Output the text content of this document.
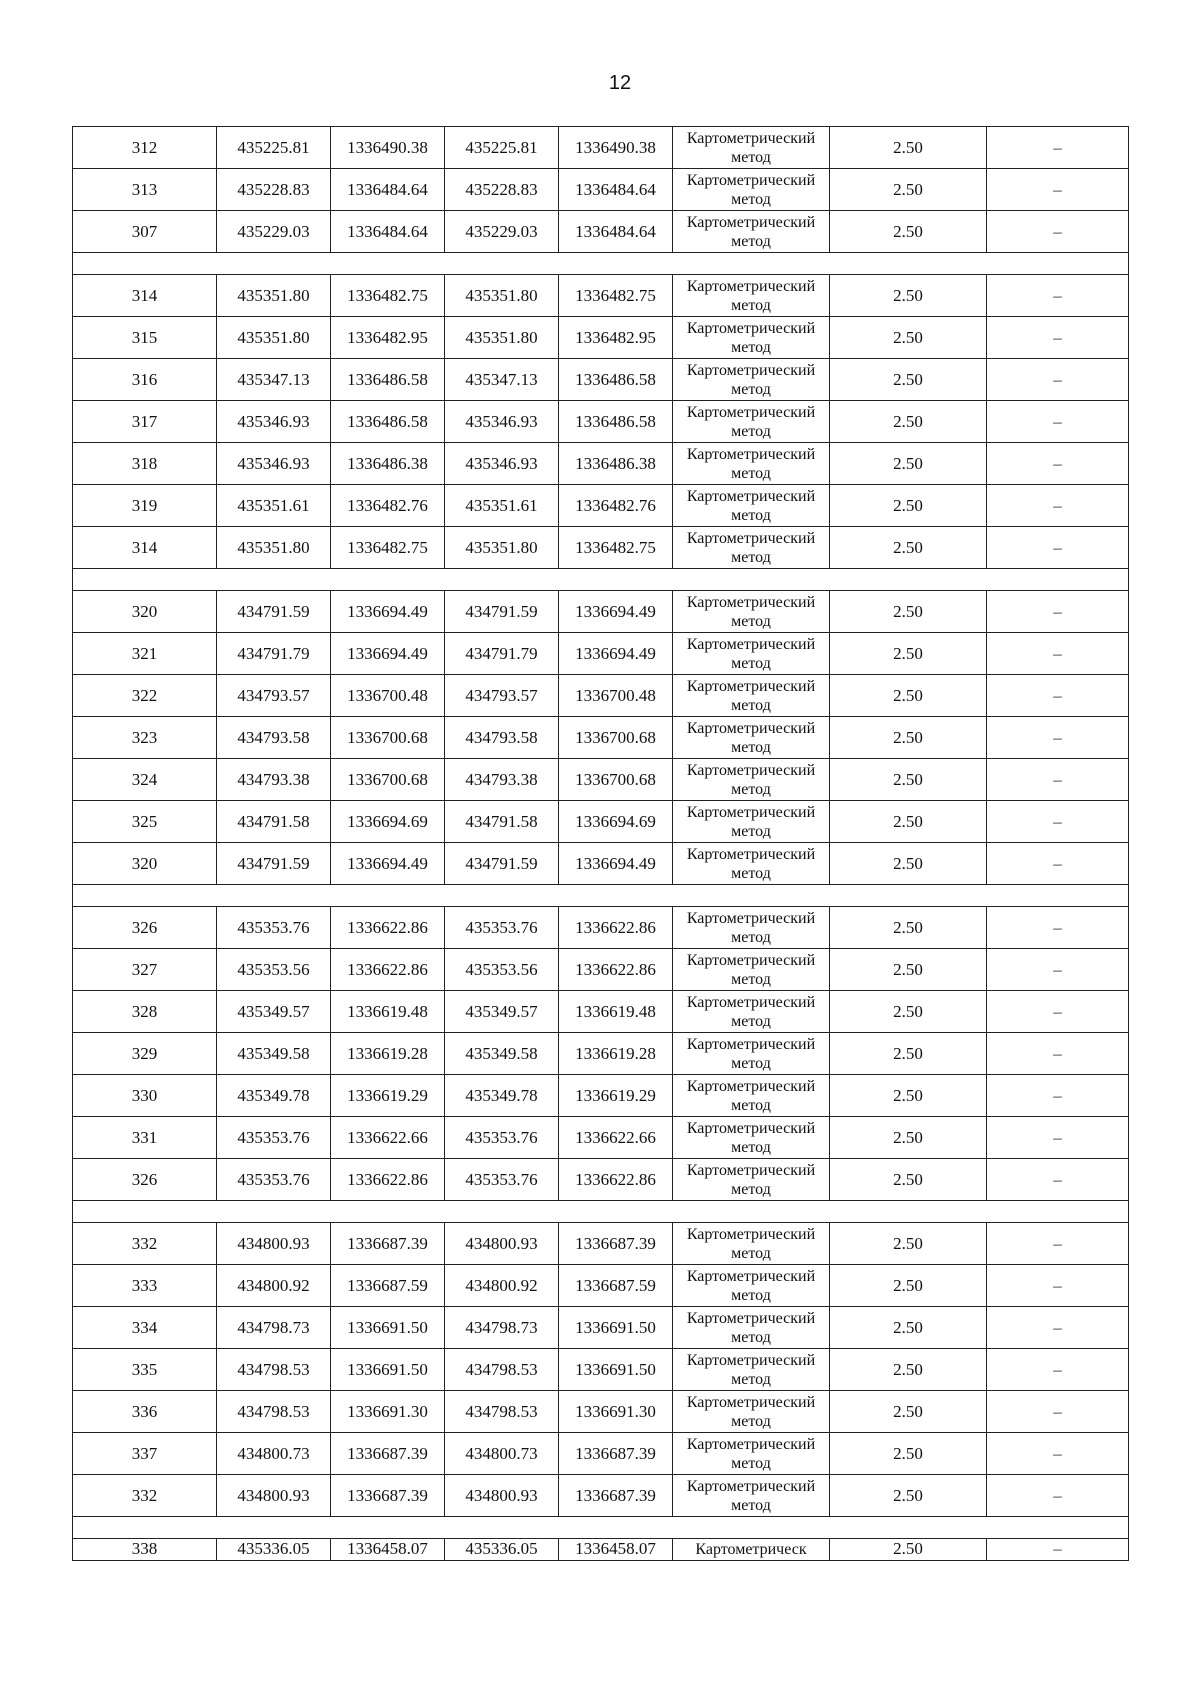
12
312	435225.81	1336490.38	435225.81	1336490.38	Картометрический метод	2.50	–
313	435228.83	1336484.64	435228.83	1336484.64	Картометрический метод	2.50	–
307	435229.03	1336484.64	435229.03	1336484.64	Картометрический метод	2.50	–

314	435351.80	1336482.75	435351.80	1336482.75	Картометрический метод	2.50	–
315	435351.80	1336482.95	435351.80	1336482.95	Картометрический метод	2.50	–
316	435347.13	1336486.58	435347.13	1336486.58	Картометрический метод	2.50	–
317	435346.93	1336486.58	435346.93	1336486.58	Картометрический метод	2.50	–
318	435346.93	1336486.38	435346.93	1336486.38	Картометрический метод	2.50	–
319	435351.61	1336482.76	435351.61	1336482.76	Картометрический метод	2.50	–
314	435351.80	1336482.75	435351.80	1336482.75	Картометрический метод	2.50	–

320	434791.59	1336694.49	434791.59	1336694.49	Картометрический метод	2.50	–
321	434791.79	1336694.49	434791.79	1336694.49	Картометрический метод	2.50	–
322	434793.57	1336700.48	434793.57	1336700.48	Картометрический метод	2.50	–
323	434793.58	1336700.68	434793.58	1336700.68	Картометрический метод	2.50	–
324	434793.38	1336700.68	434793.38	1336700.68	Картометрический метод	2.50	–
325	434791.58	1336694.69	434791.58	1336694.69	Картометрический метод	2.50	–
320	434791.59	1336694.49	434791.59	1336694.49	Картометрический метод	2.50	–

326	435353.76	1336622.86	435353.76	1336622.86	Картометрический метод	2.50	–
327	435353.56	1336622.86	435353.56	1336622.86	Картометрический метод	2.50	–
328	435349.57	1336619.48	435349.57	1336619.48	Картометрический метод	2.50	–
329	435349.58	1336619.28	435349.58	1336619.28	Картометрический метод	2.50	–
330	435349.78	1336619.29	435349.78	1336619.29	Картометрический метод	2.50	–
331	435353.76	1336622.66	435353.76	1336622.66	Картометрический метод	2.50	–
326	435353.76	1336622.86	435353.76	1336622.86	Картометрический метод	2.50	–

332	434800.93	1336687.39	434800.93	1336687.39	Картометрический метод	2.50	–
333	434800.92	1336687.59	434800.92	1336687.59	Картометрический метод	2.50	–
334	434798.73	1336691.50	434798.73	1336691.50	Картометрический метод	2.50	–
335	434798.53	1336691.50	434798.53	1336691.50	Картометрический метод	2.50	–
336	434798.53	1336691.30	434798.53	1336691.30	Картометрический метод	2.50	–
337	434800.73	1336687.39	434800.73	1336687.39	Картометрический метод	2.50	–
332	434800.93	1336687.39	434800.93	1336687.39	Картометрический метод	2.50	–

338	435336.05	1336458.07	435336.05	1336458.07	Картометрическ	2.50	–
